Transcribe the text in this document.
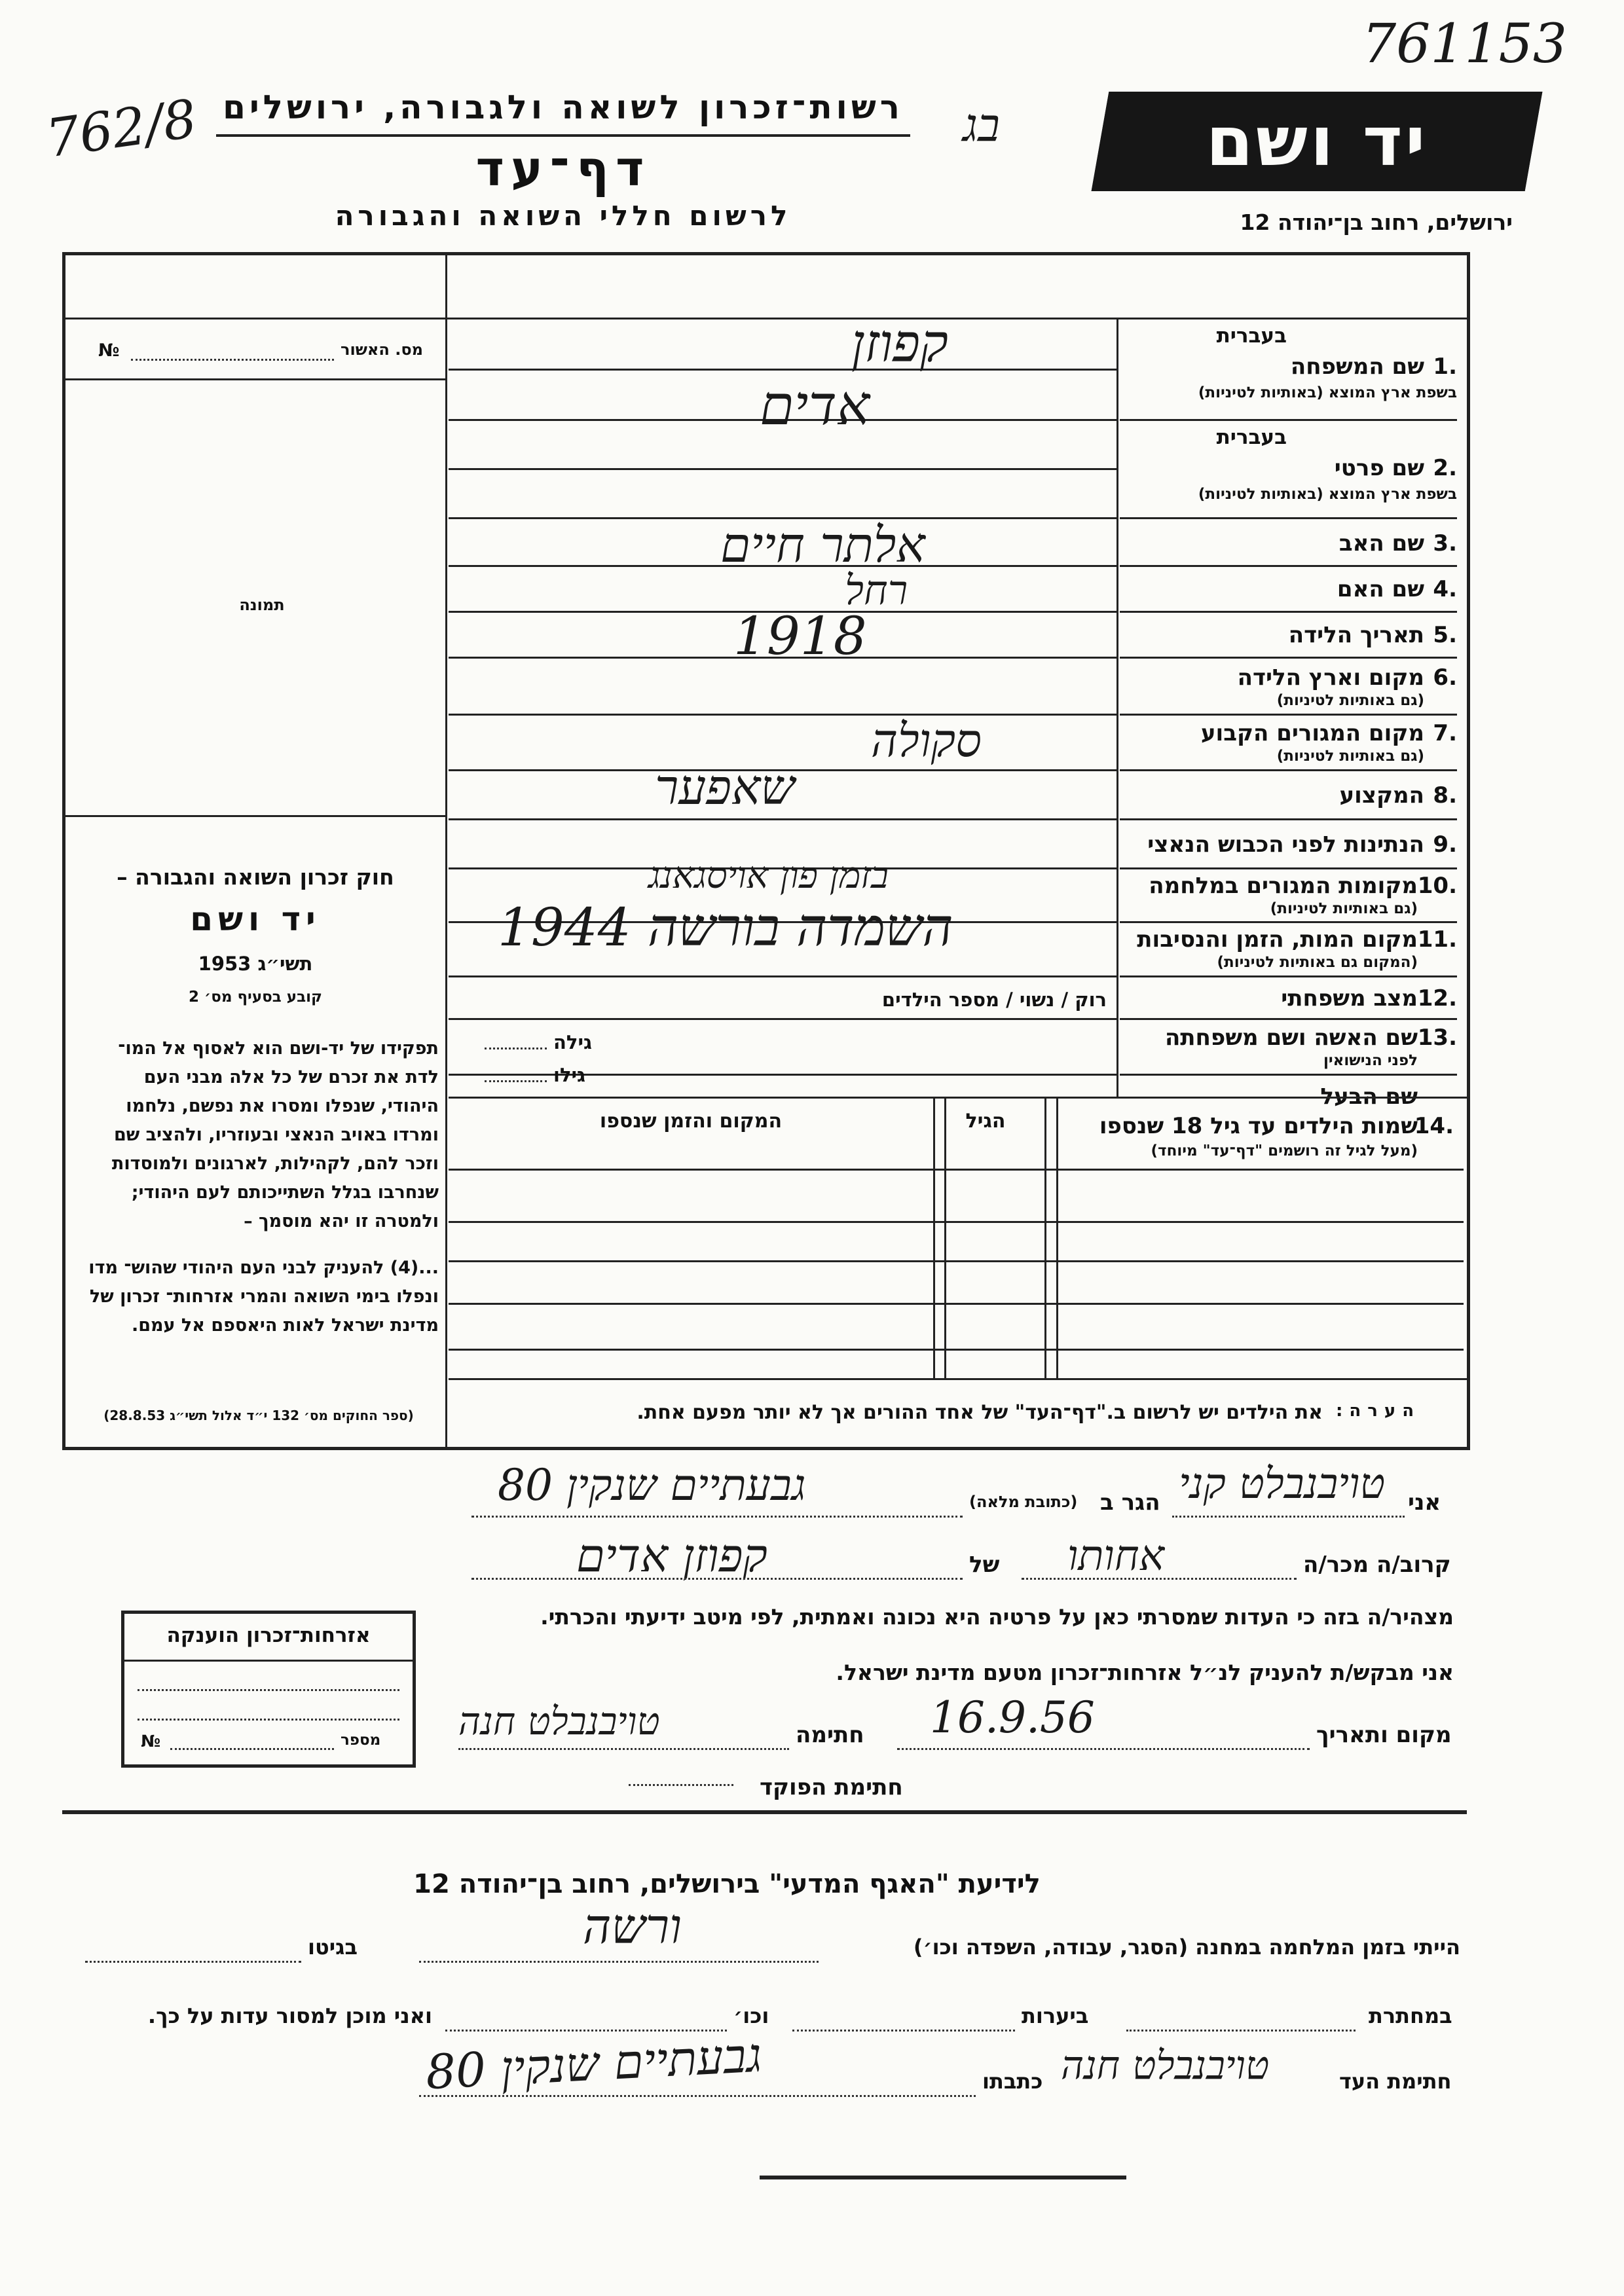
762/8
761153
בג
רשות־זכרון לשואה ולגבורה, ירושלים
דף־עד
לרשום חללי השואה והגבורה
יד ושם
ירושלים, רחוב בן־יהודה 12
מס. האשור
№
תמונה
חוק זכרון השואה והגבורה –
יד ושם
תשי״ג 1953
קובע בסעיף מס׳ 2
תפקידו של יד-ושם הוא לאסוף אל המו־ לדת את זכרם של כל אלה מבני העם היהודי, שנפלו ומסרו את נפשם, נלחמו ומרדו באויב הנאצי ובעוזריו, ולהציב שם וזכר להם, לקהילות, לארגונים ולמוסדות שנחרבו בגלל השתייכותם לעם היהודי; ולמטרה זו יהא מוסמך –
...(4) להעניק לבני העם היהודי שהוש־ מדו ונפלו בימי השואה והמרי אזרחות־ זכרון של מדינת ישראל לאות היאספם אל עמם.
(ספר החוקים מס׳ 132 י״ד אלול תשי״ג 28.8.53)
בעברית
1.
שם המשפחה
בשפת ארץ המוצא (באותיות לטיניות)
בעברית
2.
שם פרטי
בשפת ארץ המוצא (באותיות לטיניות)
3.
שם האב
4.
שם האם
5.
תאריך הלידה
6.
מקום וארץ הלידה
(גם באותיות לטיניות)
7.
מקום המגורים הקבוע
(גם באותיות לטיניות)
8.
המקצוע
9.
הנתינות לפני הכבוש הנאצי
10.
מקומות המגורים במלחמה
(גם באותיות לטיניות)
11.
מקום המות, הזמן והנסיבות
(המקום גם באותיות לטיניות)
12.
מצב משפחתי
13.
שם האשה ושם משפחתה
לפני הנישואין
שם הבעל
קפוזן
אדים
אלתר חיים
רחל
1918
סקולה
שאפער
בזמן פון אויסגאנג
השמדה בורשה 1944
רוק / נשוי / מספר הילדים
גילה
גילו
14.
שמות הילדים עד גיל 18 שנספו
(מעל לגיל זה רושמים "דף־עד" מיוחד)
הגיל
המקום והזמן שנספו
הערה:
את הילדים יש לרשום ב."דף־העד" של אחד ההורים אך לא יותר מפעם אחת.
אני
טויבנבלט קני
הגר ב
(כתובת מלאה)
גבעתיים שנקין 80
קרוב/ה מכר/ה
אחותו
של
קפוזן אדים
מצהיר/ה בזה כי העדות שמסרתי כאן על פרטיה היא נכונה ואמתית, לפי מיטב ידיעתי והכרתי.
אני מבקש/ת להעניק לנ״ל אזרחות־זכרון מטעם מדינת ישראל.
מקום ותאריך
16.9.56
חתימה
טויבנבלט חנה
חתימת הפוקד
אזרחות־זכרון הוענקה
מספר
№
לידיעת "האגף המדעי" בירושלים, רחוב בן־יהודה 12
הייתי בזמן המלחמה במחנה (הסגר, עבודה, השפדה וכו׳)
ורשה
בגיטו
במחתרת
ביערות
וכו׳
ואני מוכן למסור עדות על כך.
חתימת העד
טויבנבלט חנה
כתבתו
גבעתיים שנקין 80
